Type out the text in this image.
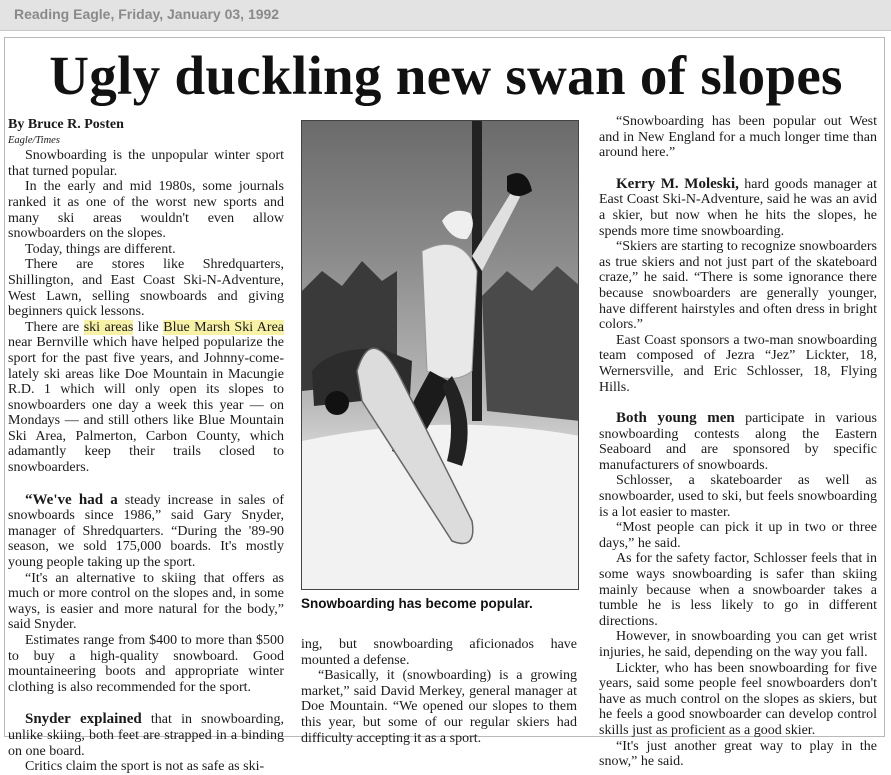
Reading Eagle, Friday, January 03, 1992
Ugly duckling new swan of slopes

By Bruce R. Posten

Eagle/Times

Snowboarding is the unpopular winter sport that turned popular.

In the early and mid 1980s, some journals ranked it as one of the worst new sports and many ski areas wouldn't even allow snowboarders on the slopes.

Today, things are different.

There are stores like Shredquarters, Shillington, and East Coast Ski-N-Adventure, West Lawn, selling snowboards and giving beginners quick lessons.

There are ski areas like Blue Marsh Ski Area near Bernville which have helped popularize the sport for the past five years, and Johnny-come-lately ski areas like Doe Mountain in Macungie R.D. 1 which will only open its slopes to snowboarders one day a week this year — on Mondays — and still others like Blue Mountain Ski Area, Palmerton, Carbon County, which adamantly keep their trails closed to snowboarders.

“We've had a steady increase in sales of snowboards since 1986,” said Gary Snyder, manager of Shredquarters. “During the '89-90 season, we sold 175,000 boards. It's mostly young people taking up the sport.

“It's an alternative to skiing that offers as much or more control on the slopes and, in some ways, is easier and more natural for the body,” said Snyder.

Estimates range from $400 to more than $500 to buy a high-quality snowboard. Good mountaineering boots and appropriate winter clothing is also recommended for the sport.

Snyder explained that in snowboarding, unlike skiing, both feet are strapped in a binding on one board.

Critics claim the sport is not as safe as ski-

Snowboarding has become popular.

ing, but snowboarding aficionados have mounted a defense.

“Basically, it (snowboarding) is a growing market,” said David Merkey, general manager at Doe Mountain. “We opened our slopes to them this year, but some of our regular skiers had difficulty accepting it as a sport.

“Snowboarding has been popular out West and in New England for a much longer time than around here.”

Kerry M. Moleski, hard goods manager at East Coast Ski-N-Adventure, said he was an avid a skier, but now when he hits the slopes, he spends more time snowboarding.

“Skiers are starting to recognize snowboarders as true skiers and not just part of the skateboard craze,” he said. “There is some ignorance there because snowboarders are generally younger, have different hairstyles and often dress in bright colors.”

East Coast sponsors a two-man snowboarding team composed of Jezra “Jez” Lickter, 18, Wernersville, and Eric Schlosser, 18, Flying Hills.

Both young men participate in various snowboarding contests along the Eastern Seaboard and are sponsored by specific manufacturers of snowboards.

Schlosser, a skateboarder as well as snowboarder, used to ski, but feels snowboarding is a lot easier to master.

“Most people can pick it up in two or three days,” he said.

As for the safety factor, Schlosser feels that in some ways snowboarding is safer than skiing mainly because when a snowboarder takes a tumble he is less likely to go in different directions.

However, in snowboarding you can get wrist injuries, he said, depending on the way you fall.

Lickter, who has been snowboarding for five years, said some people feel snowboarders don't have as much control on the slopes as skiers, but he feels a good snowboarder can develop control skills just as proficient as a good skier.

“It's just another great way to play in the snow,” he said.
